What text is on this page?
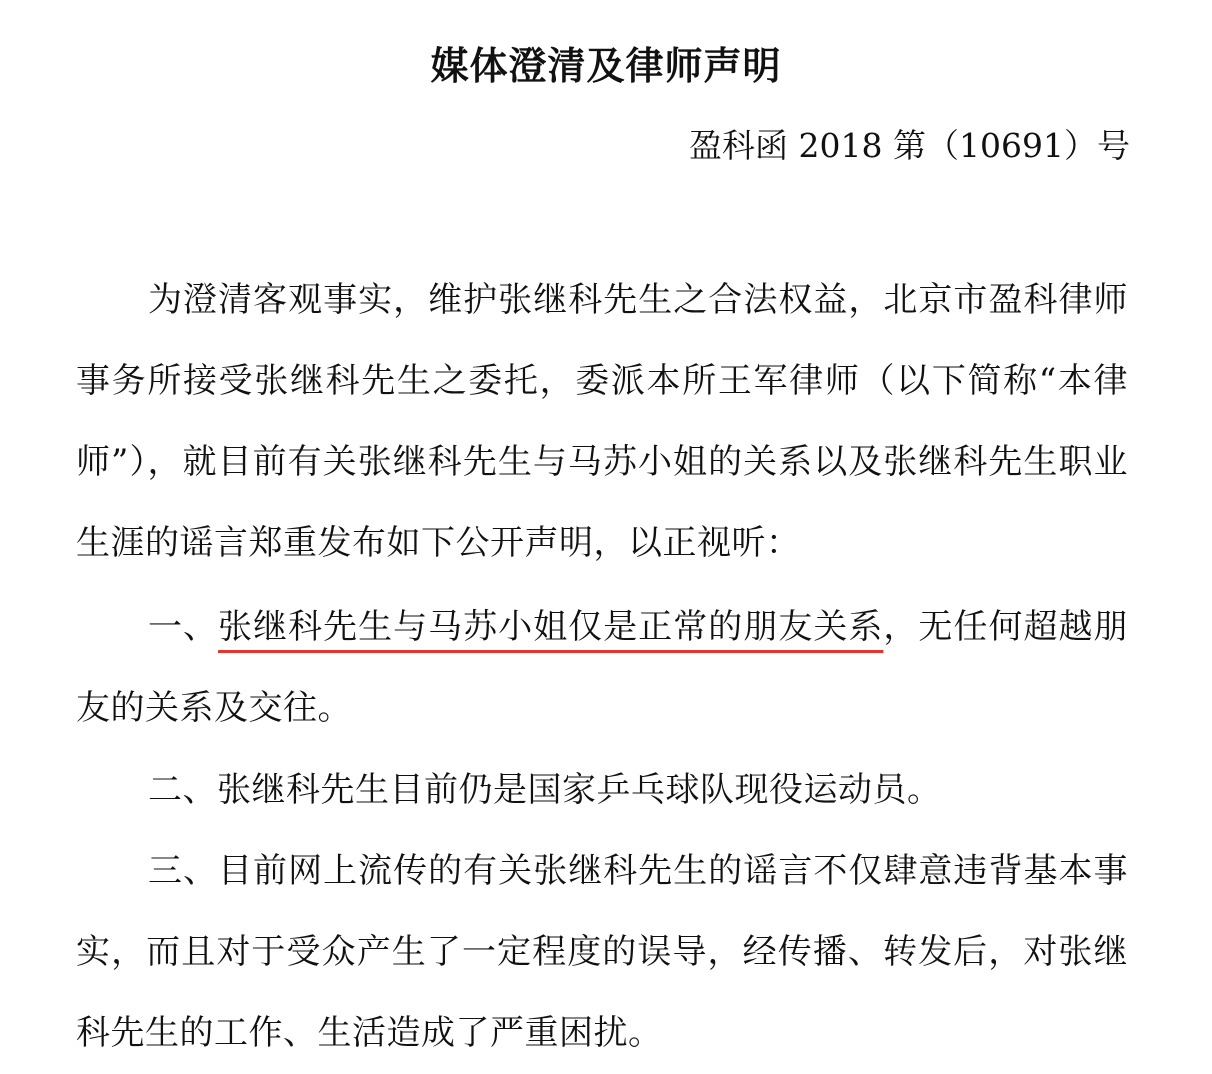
媒体澄清及律师声明
盈科函 2018 第（10691）号

为澄清客观事实，维护张继科先生之合法权益，北京市盈科律师事务所接受张继科先生之委托，委派本所王军律师（以下简称“本律师”），就目前有关张继科先生与马苏小姐的关系以及张继科先生职业生涯的谣言郑重发布如下公开声明，以正视听：

一、张继科先生与马苏小姐仅是正常的朋友关系，无任何超越朋友的关系及交往。

二、张继科先生目前仍是国家乒乓球队现役运动员。

三、目前网上流传的有关张继科先生的谣言不仅肆意违背基本事实，而且对于受众产生了一定程度的误导，经传播、转发后，对张继科先生的工作、生活造成了严重困扰。
